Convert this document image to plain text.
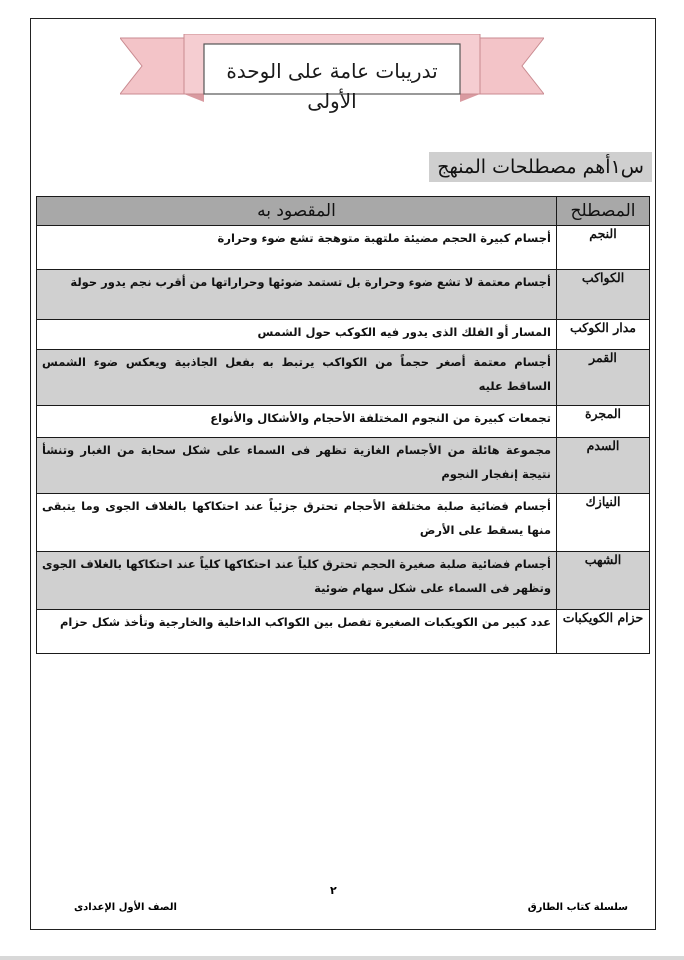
تدريبات عامة على الوحدة الأولى
س١أهم مصطلحات المنهج
المصطلح	المقصود به
النجم	أجسام كبيرة الحجم مضيئة ملتهبة متوهجة تشع ضوء وحرارة
الكواكب	أجسام معتمة لا تشع ضوء وحرارة بل تستمد ضوئها وحراراتها من أقرب نجم يدور حولة
مدار الكوكب	المسار أو الفلك الذى يدور فيه الكوكب حول الشمس
القمر	أجسام معتمة أصغر حجماً من الكواكب يرتبط به بفعل الجاذبية ويعكس ضوء الشمس الساقط عليه
المجرة	تجمعات كبيرة من النجوم المختلفة الأحجام والأشكال والأنواع
السدم	مجموعة هائلة من الأجسام الغازية تظهر فى السماء على شكل سحابة من الغبار وتنشأ نتيجة إنفجار النجوم
النيازك	أجسام فضائية صلبة مختلفة الأحجام تحترق جزئياً عند احتكاكها بالغلاف الجوى وما يتبقى منها يسقط على الأرض
الشهب	أجسام فضائية صلبة صغيرة الحجم تحترق كلياً عند احتكاكها كلياً عند احتكاكها بالغلاف الجوى وتظهر فى السماء على شكل سهام ضوئية
حزام الكويكبات	عدد كبير من الكويكبات الصغيرة تفصل بين الكواكب الداخلية والخارجية وتأخذ شكل حزام
٢
الصف الأول الإعدادى	سلسلة كتاب الطارق
